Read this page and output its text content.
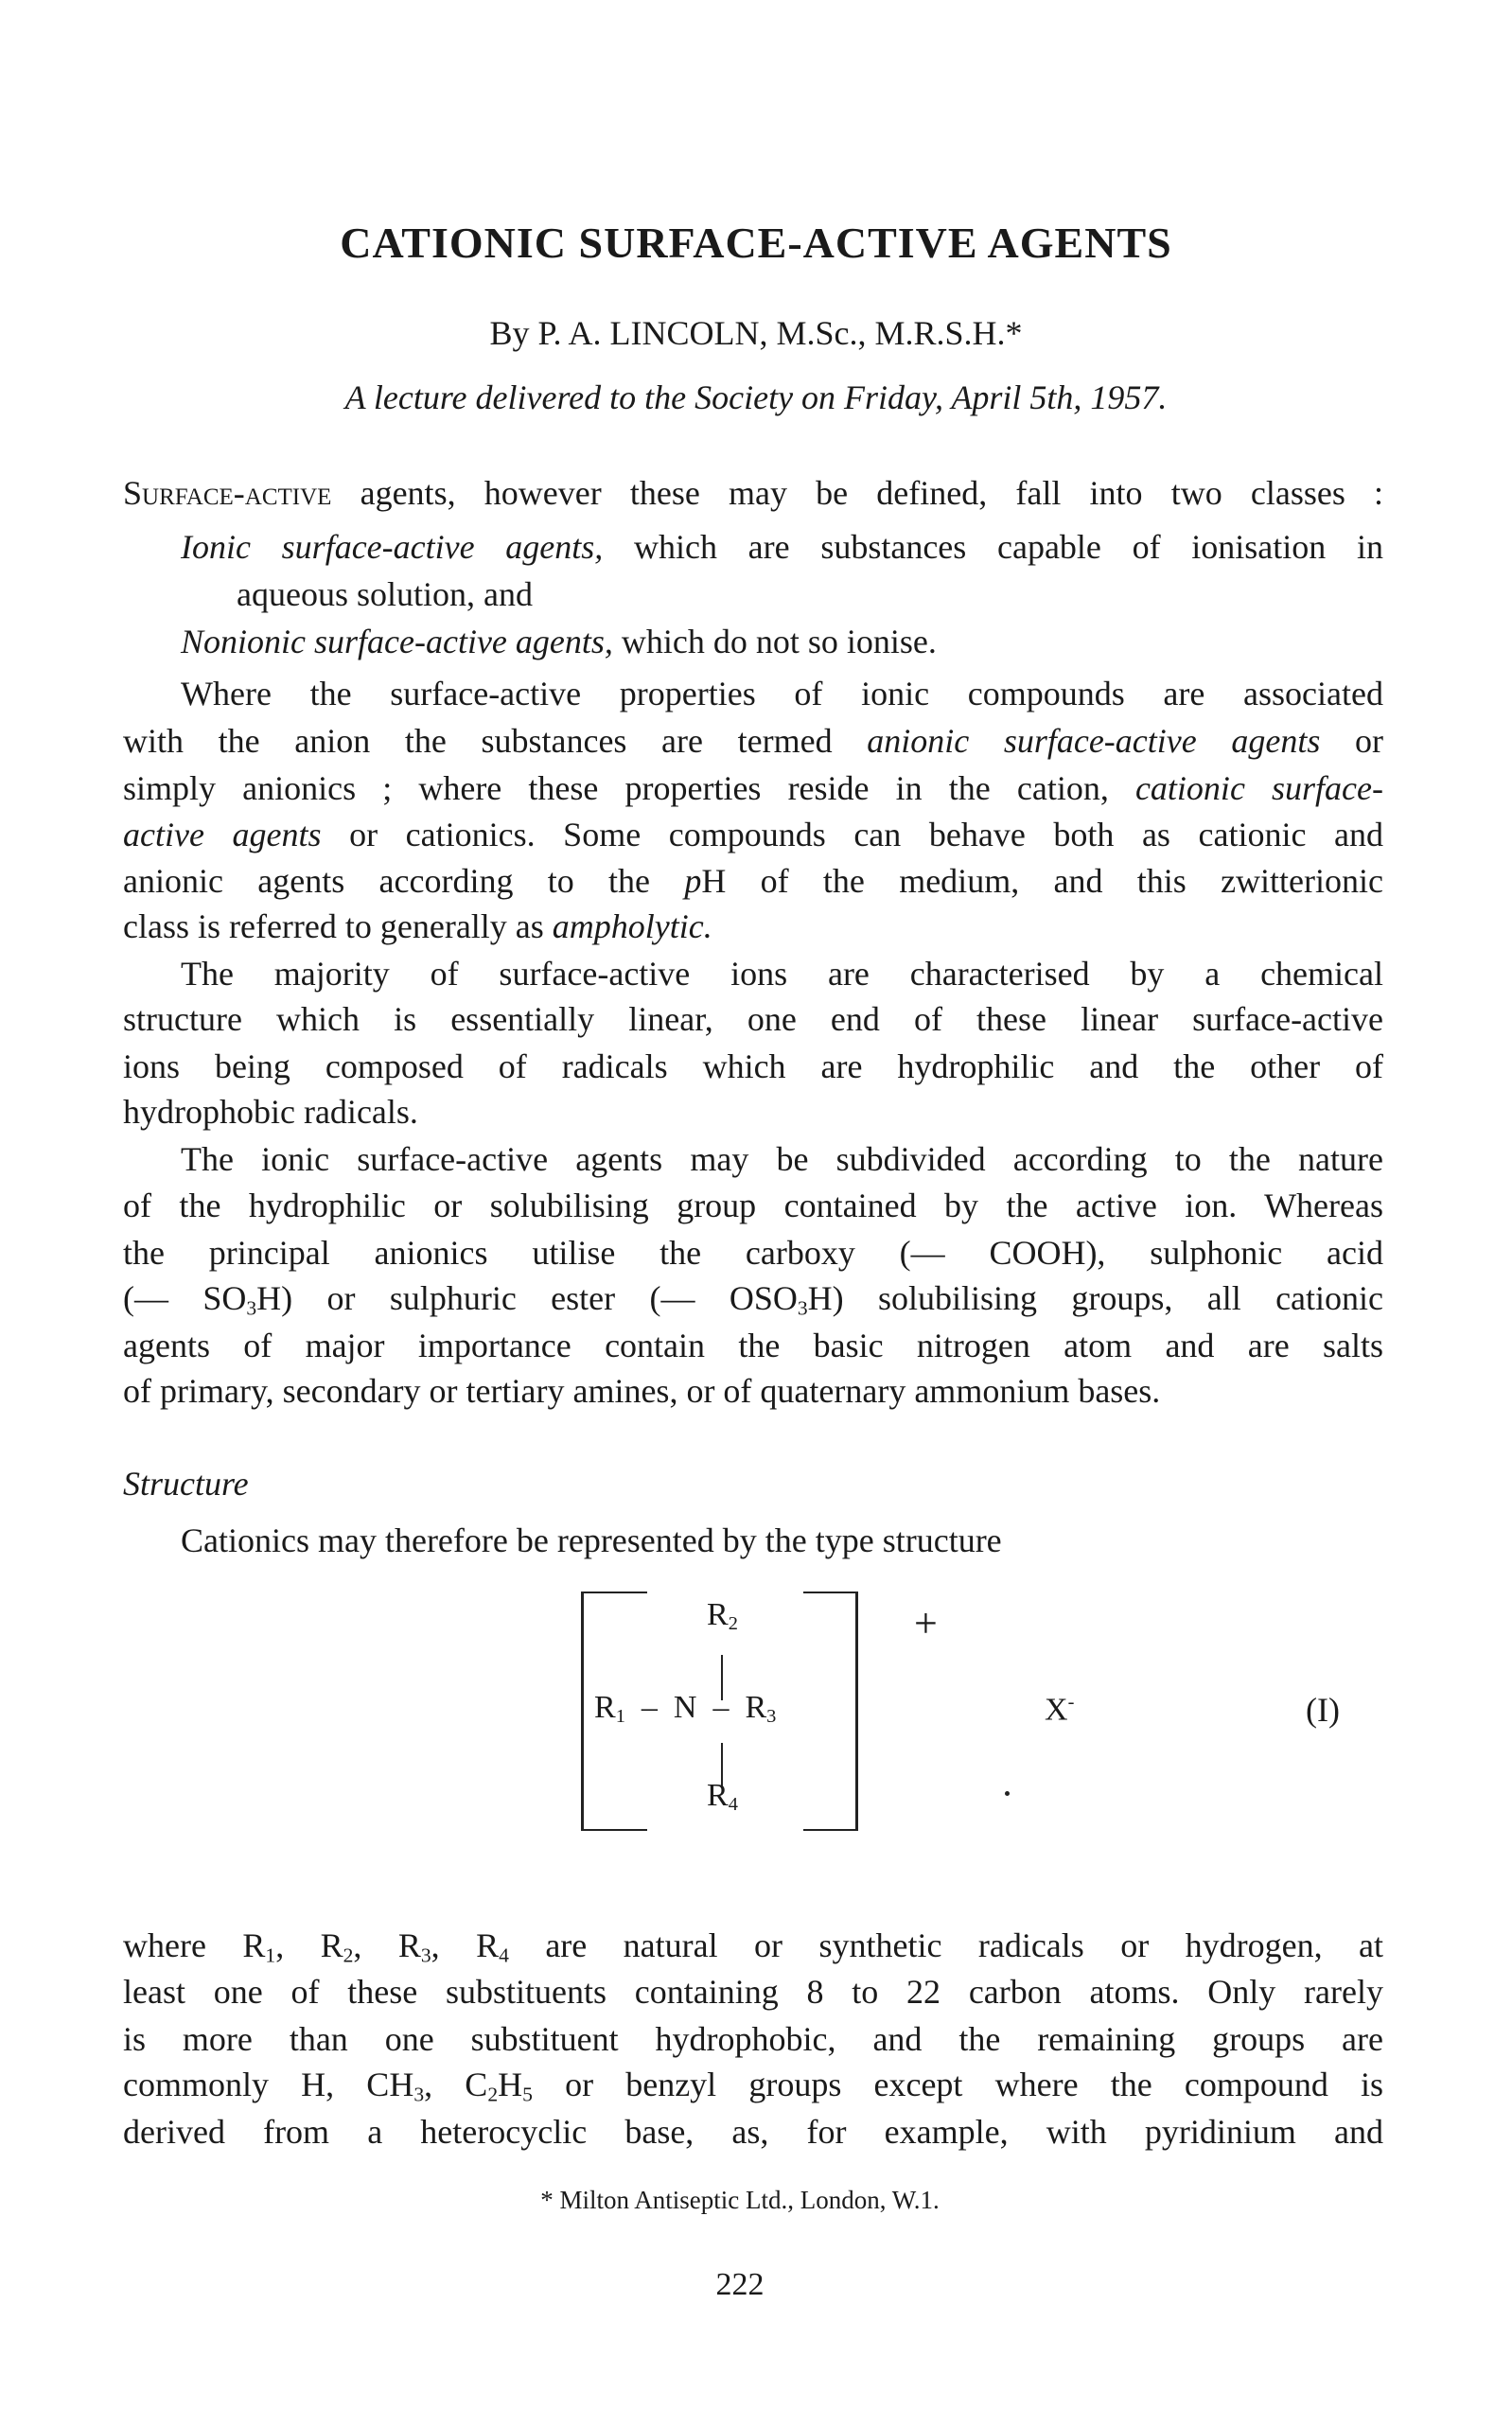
CATIONIC SURFACE-ACTIVE AGENTS
By P. A. LINCOLN, M.Sc., M.R.S.H.*
A lecture delivered to the Society on Friday, April 5th, 1957.
Surface-active agents, however these may be defined, fall into two classes :
Ionic surface-active agents, which are substances capable of ionisation in
aqueous solution, and
Nonionic surface-active agents, which do not so ionise.
Where the surface-active properties of ionic compounds are associated
with the anion the substances are termed anionic surface-active agents or
simply anionics ; where these properties reside in the cation, cationic surface-
active agents or cationics. Some compounds can behave both as cationic and
anionic agents according to the pH of the medium, and this zwitterionic
class is referred to generally as ampholytic.
The majority of surface-active ions are characterised by a chemical
structure which is essentially linear, one end of these linear surface-active
ions being composed of radicals which are hydrophilic and the other of
hydrophobic radicals.
The ionic surface-active agents may be subdivided according to the nature
of the hydrophilic or solubilising group contained by the active ion. Whereas
the principal anionics utilise the carboxy (— COOH), sulphonic acid
(— $SO_3H$) or sulphuric ester (— $OSO_3H$) solubilising groups, all cationic
agents of major importance contain the basic nitrogen atom and are salts
of primary, secondary or tertiary amines, or of quaternary ammonium bases.
Structure
Cationics may therefore be represented by the type structure
where $R_1$, $R_2$, $R_3$, $R_4$ are natural or synthetic radicals or hydrogen, at
least one of these substituents containing 8 to 22 carbon atoms. Only rarely
is more than one substituent hydrophobic, and the remaining groups are
commonly H, $CH_3$, $C_2H_5$ or benzyl groups except where the compound is
derived from a heterocyclic base, as, for example, with pyridinium and
$R_2$
$R_1$ – N – $R_3$
$R_4$
+
X-	(I)
* Milton Antiseptic Ltd., London, W.1.
222
